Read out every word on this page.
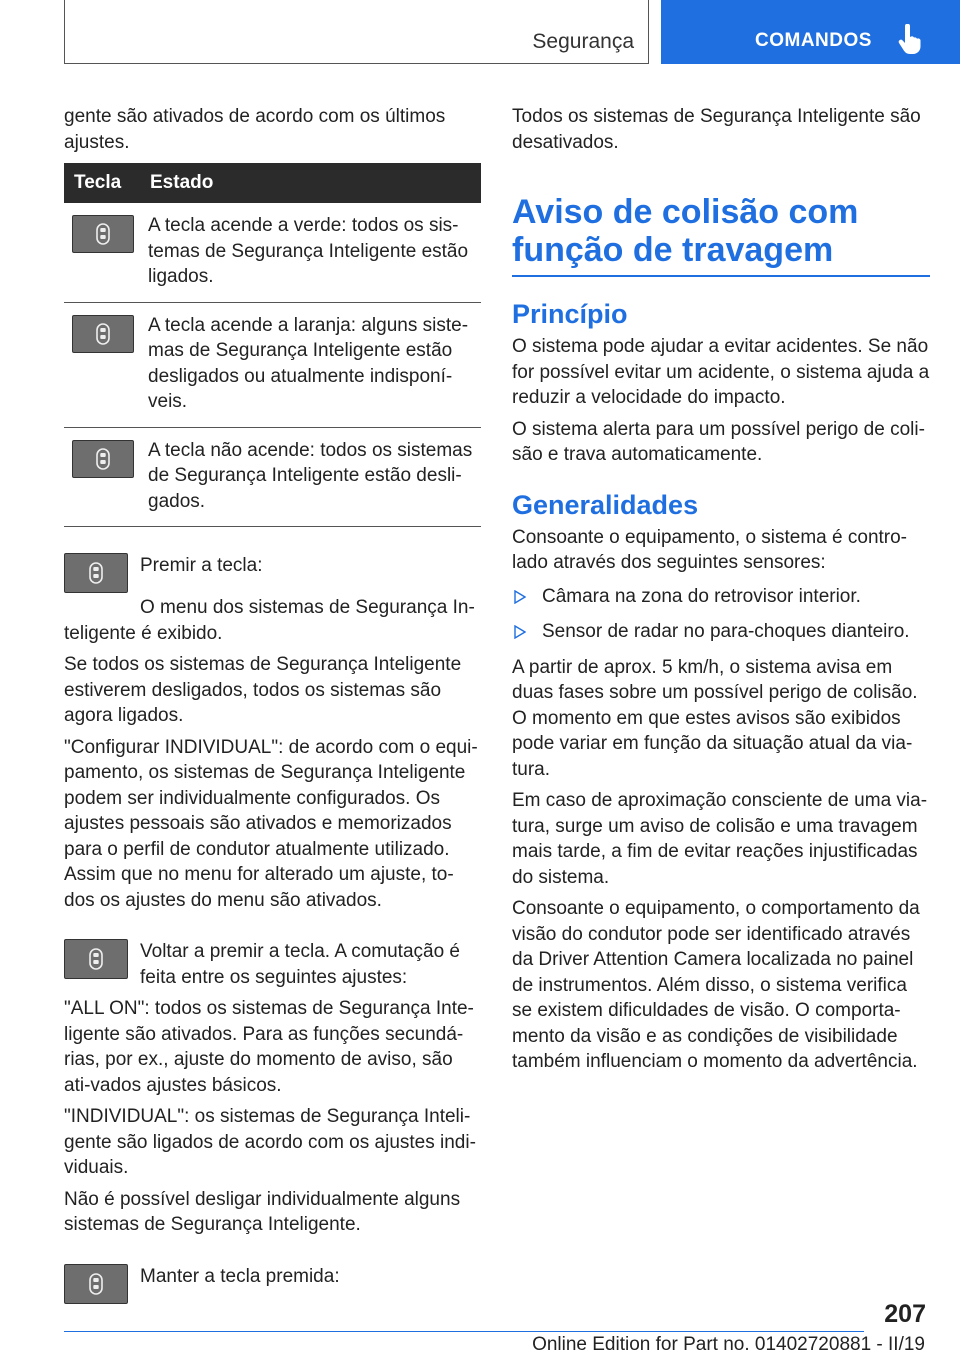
Segurança	COMANDOS

gente são ativados de acordo com os últimos ajustes.

Tecla	Estado

	A tecla acende a verde: todos os sis-temas de Segurança Inteligente estão ligados.

	A tecla acende a laranja: alguns siste-mas de Segurança Inteligente estão desligados ou atualmente indisponí-veis.

	A tecla não acende: todos os sistemas de Segurança Inteligente estão desli-gados.

Premir a tecla:

O menu dos sistemas de Segurança In-teligente é exibido.

Se todos os sistemas de Segurança Inteligente estiverem desligados, todos os sistemas são agora ligados.

"Configurar INDIVIDUAL": de acordo com o equi-pamento, os sistemas de Segurança Inteligente podem ser individualmente configurados. Os ajustes pessoais são ativados e memorizados para o perfil de condutor atualmente utilizado. Assim que no menu for alterado um ajuste, to-dos os ajustes do menu são ativados.

Voltar a premir a tecla. A comutação é feita entre os seguintes ajustes:

"ALL ON": todos os sistemas de Segurança Inte-ligente são ativados. Para as funções secundá-rias, por ex., ajuste do momento de aviso, são ati-vados ajustes básicos.

"INDIVIDUAL": os sistemas de Segurança Inteli-gente são ligados de acordo com os ajustes indi-viduais.

Não é possível desligar individualmente alguns sistemas de Segurança Inteligente.

Manter a tecla premida:

Todos os sistemas de Segurança Inteligente são desativados.

Aviso de colisão com função de travagem
Princípio

O sistema pode ajudar a evitar acidentes. Se não for possível evitar um acidente, o sistema ajuda a reduzir a velocidade do impacto.

O sistema alerta para um possível perigo de coli-são e trava automaticamente.

Generalidades

Consoante o equipamento, o sistema é contro-lado através dos seguintes sensores:

Câmara na zona do retrovisor interior.
Sensor de radar no para-choques dianteiro.

A partir de aprox. 5 km/h, o sistema avisa em duas fases sobre um possível perigo de colisão. O momento em que estes avisos são exibidos pode variar em função da situação atual da via-tura.

Em caso de aproximação consciente de uma via-tura, surge um aviso de colisão e uma travagem mais tarde, a fim de evitar reações injustificadas do sistema.

Consoante o equipamento, o comportamento da visão do condutor pode ser identificado através da Driver Attention Camera localizada no painel de instrumentos. Além disso, o sistema verifica se existem dificuldades de visão. O comporta-mento da visão e as condições de visibilidade também influenciam o momento da advertência.

207
Online Edition for Part no. 01402720881 - II/19
